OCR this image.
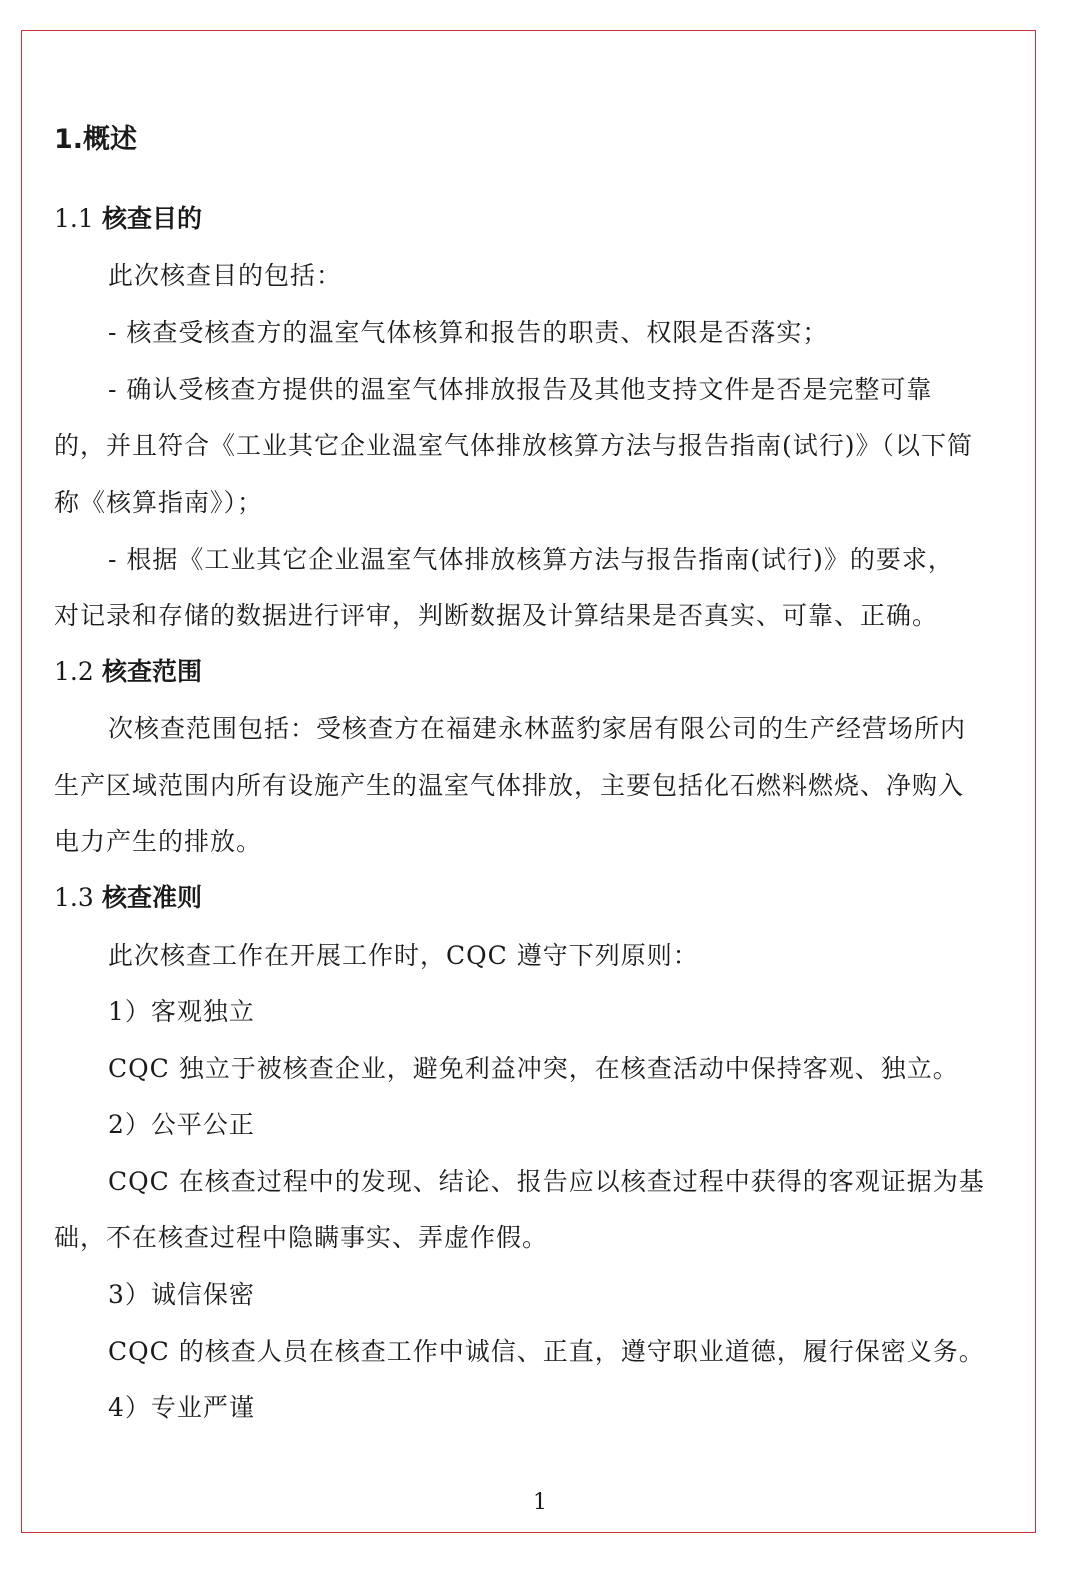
1.概述
1.1 核查目的
此次核查目的包括：
- 核查受核查方的温室气体核算和报告的职责、权限是否落实；
- 确认受核查方提供的温室气体排放报告及其他支持文件是否是完整可靠
的，并且符合《工业其它企业温室气体排放核算方法与报告指南(试行)》（以下简
称《核算指南》）；
- 根据《工业其它企业温室气体排放核算方法与报告指南(试行)》的要求，
对记录和存储的数据进行评审，判断数据及计算结果是否真实、可靠、正确。
1.2 核查范围
次核查范围包括：受核查方在福建永林蓝豹家居有限公司的生产经营场所内
生产区域范围内所有设施产生的温室气体排放，主要包括化石燃料燃烧、净购入
电力产生的排放。
1.3 核查准则
此次核查工作在开展工作时，CQC 遵守下列原则：
1）客观独立
CQC 独立于被核查企业，避免利益冲突，在核查活动中保持客观、独立。
2）公平公正
CQC 在核查过程中的发现、结论、报告应以核查过程中获得的客观证据为基
础，不在核查过程中隐瞒事实、弄虚作假。
3）诚信保密
CQC 的核查人员在核查工作中诚信、正直，遵守职业道德，履行保密义务。
4）专业严谨
1
